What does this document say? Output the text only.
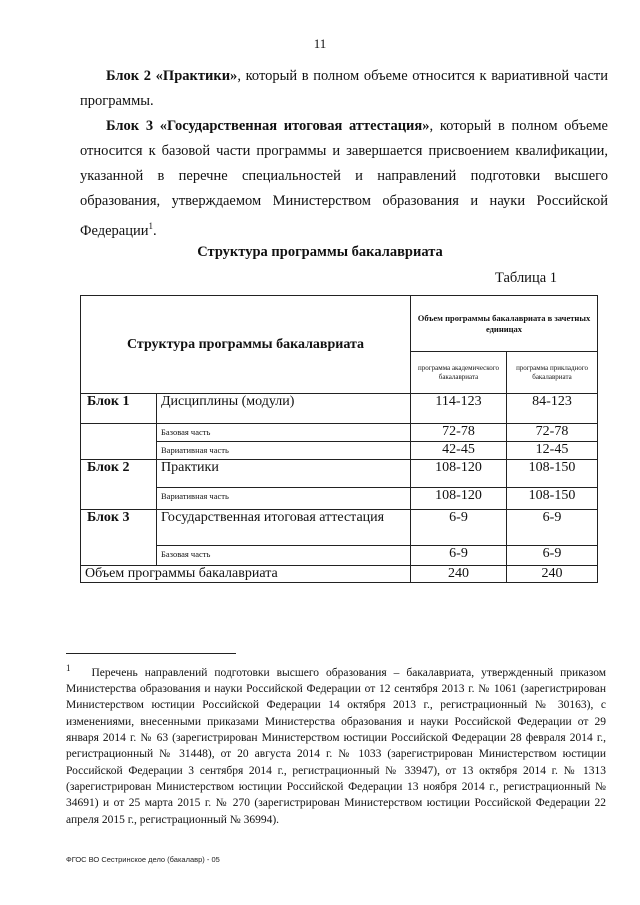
11

Блок 2 «Практики», который в полном объеме относится к вариативной части программы.

Блок 3 «Государственная итоговая аттестация», который в полном объеме относится к базовой части программы и завершается присвоением квалификации, указанной в перечне специальностей и направлений подготовки высшего образования, утверждаемом Министерством образования и науки Российской Федерации$^1$.

Структура программы бакалавриата
Таблица 1
Структура программы бакалавриата		Объем программы бакалавриата в зачетных единицах	
		программа академического бакалавриата	программа прикладного бакалавриата
Блок 1	Дисциплины (модули)	114-123	84-123
	Базовая часть	72-78	72-78
	Вариативная часть	42-45	12-45
Блок 2	Практики	108-120	108-150
	Вариативная часть	108-120	108-150
Блок 3	Государственная итоговая аттестация	6-9	6-9
	Базовая часть	6-9	6-9
Объем программы бакалавриата		240	240

$^1$ Перечень направлений подготовки высшего образования – бакалавриата, утвержденный приказом Министерства образования и науки Российской Федерации от 12 сентября 2013 г. № 1061 (зарегистрирован Министерством юстиции Российской Федерации 14 октября 2013 г., регистрационный № 30163), с изменениями, внесенными приказами Министерства образования и науки Российской Федерации от 29 января 2014 г. № 63 (зарегистрирован Министерством юстиции Российской Федерации 28 февраля 2014 г., регистрационный № 31448), от 20 августа 2014 г. № 1033 (зарегистрирован Министерством юстиции Российской Федерации 3 сентября 2014 г., регистрационный № 33947), от 13 октября 2014 г. № 1313 (зарегистрирован Министерством юстиции Российской Федерации 13 ноября 2014 г., регистрационный № 34691) и от 25 марта 2015 г. № 270 (зарегистрирован Министерством юстиции Российской Федерации 22 апреля 2015 г., регистрационный № 36994).

ФГОС ВО Сестринское дело (бакалавр) - 05
